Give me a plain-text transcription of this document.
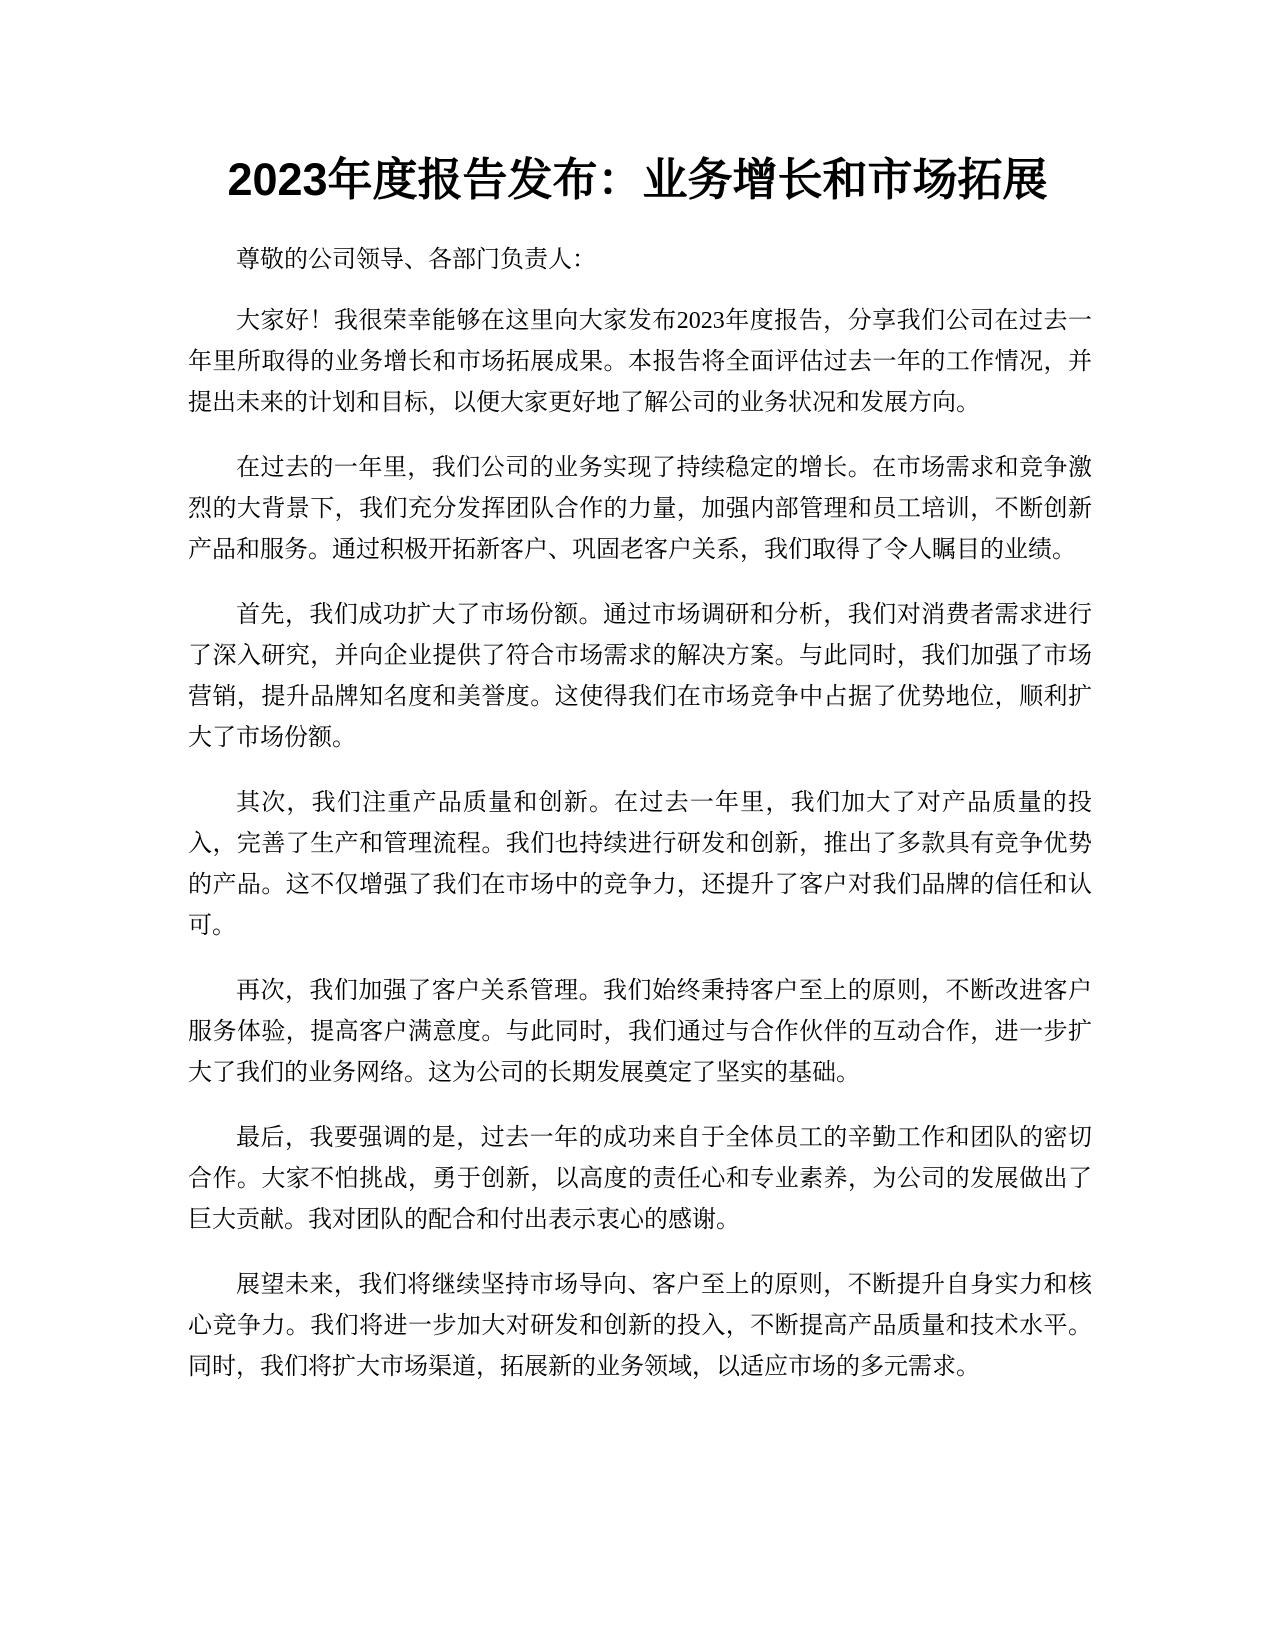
2023年度报告发布：业务增长和市场拓展

尊敬的公司领导、各部门负责人：

大家好！我很荣幸能够在这里向大家发布2023年度报告，分享我们公司在过去一年里所取得的业务增长和市场拓展成果。本报告将全面评估过去一年的工作情况，并提出未来的计划和目标，以便大家更好地了解公司的业务状况和发展方向。

在过去的一年里，我们公司的业务实现了持续稳定的增长。在市场需求和竞争激烈的大背景下，我们充分发挥团队合作的力量，加强内部管理和员工培训，不断创新产品和服务。通过积极开拓新客户、巩固老客户关系，我们取得了令人瞩目的业绩。

首先，我们成功扩大了市场份额。通过市场调研和分析，我们对消费者需求进行了深入研究，并向企业提供了符合市场需求的解决方案。与此同时，我们加强了市场营销，提升品牌知名度和美誉度。这使得我们在市场竞争中占据了优势地位，顺利扩大了市场份额。

其次，我们注重产品质量和创新。在过去一年里，我们加大了对产品质量的投入，完善了生产和管理流程。我们也持续进行研发和创新，推出了多款具有竞争优势的产品。这不仅增强了我们在市场中的竞争力，还提升了客户对我们品牌的信任和认可。

再次，我们加强了客户关系管理。我们始终秉持客户至上的原则，不断改进客户服务体验，提高客户满意度。与此同时，我们通过与合作伙伴的互动合作，进一步扩大了我们的业务网络。这为公司的长期发展奠定了坚实的基础。

最后，我要强调的是，过去一年的成功来自于全体员工的辛勤工作和团队的密切合作。大家不怕挑战，勇于创新，以高度的责任心和专业素养，为公司的发展做出了巨大贡献。我对团队的配合和付出表示衷心的感谢。

展望未来，我们将继续坚持市场导向、客户至上的原则，不断提升自身实力和核心竞争力。我们将进一步加大对研发和创新的投入，不断提高产品质量和技术水平。同时，我们将扩大市场渠道，拓展新的业务领域，以适应市场的多元需求。
